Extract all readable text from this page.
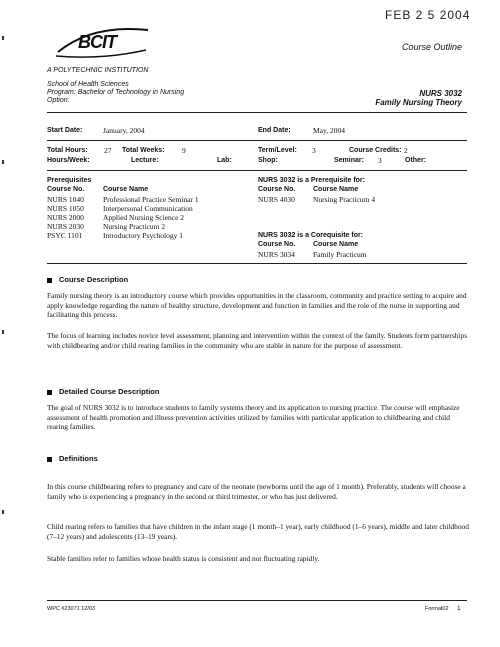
FEB 2 5 2004
BCIT
A POLYTECHNIC INSTITUTION
Course Outline
School of Health Sciences
Program: Bachelor of Technology in Nursing
Option:
NURS 3032
Family Nursing Theory
Start Date:	January, 2004	End Date:	May, 2004
Total Hours: 27 Total Weeks: 9	Term/Level: 3	Course Credits: 2
Hours/Week:	Lecture:	Lab:	Shop:	Seminar: 3	Other:
Prerequisites
Course No.	Course Name
NURS 1040	Professional Practice Seminar 1
NURS 1050	Interpersonal Communication
NURS 2000	Applied Nursing Science 2
NURS 2030	Nursing Practicum 2
PSYC 1101	Introductory Psychology 1
NURS 3032 is a Prerequisite for:
Course No.	Course Name
NURS 4030 Nursing Practicum 4
NURS 3032 is a Corequisite for:
Course No.	Course Name
NURS 3034 Family Practicum
Course Description
Family nursing theory is an introductory course which provides opportunities in the classroom, community and practice setting to acquire and apply knowledge regarding the nature of healthy structure, development and function in families and the role of the nurse in supporting and facilitating this process.
The focus of learning includes novice level assessment, planning and intervention within the context of the family. Students form partnerships with childbearing and/or child rearing families in the community who are stable in nature for the purpose of assessment.
Detailed Course Description
The goal of NURS 3032 is to introduce students to family systems theory and its application to nursing practice. The course will emphasize assessment of health promotion and illness prevention activities utilized by families with particular application to childbearing and child rearing families.
Definitions
In this course childbearing refers to pregnancy and care of the neonate (newborns until the age of 1 month). Preferably, students will choose a family who is experiencing a pregnancy in the second or third trimester, or who has just delivered.
Child rearing refers to families that have children in the infant stage (1 month–1 year), early childhood (1–6 years), middle and later childhood (7–12 years) and adolescents (13–19 years).
Stable families refer to families whose health status is consistent and not fluctuating rapidly.
WPC #23071 12/03	Format02 1
